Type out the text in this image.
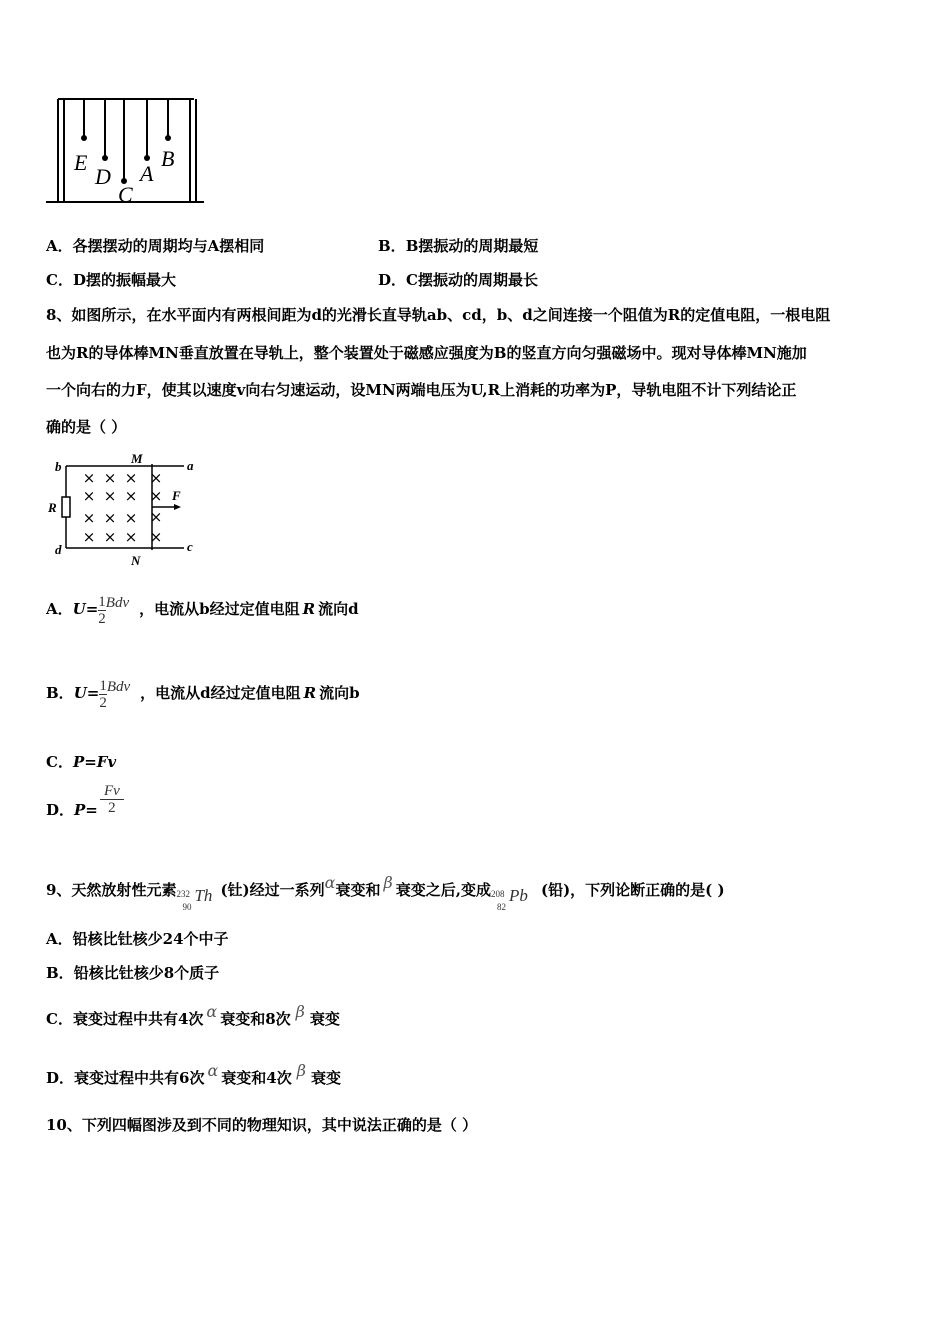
E
D
C
A
B
A．各摆摆动的周期均与A摆相同	B．B摆振动的周期最短
C．D摆的振幅最大	D．C摆振动的周期最长
8、如图所示，在水平面内有两根间距为d的光滑长直导轨ab、cd，b、d之间连接一个阻值为R的定值电阻，一根电阻
也为R的导体棒MN垂直放置在导轨上，整个装置处于磁感应强度为B的竖直方向匀强磁场中。现对导体棒MN施加
一个向右的力F，使其以速度v向右匀速运动，设MN两端电压为U,R上消耗的功率为P，导轨电阻不计下列结论正
确的是（ ）
× × × ×
× × × ×
× × × ×
× × × ×
b	a
M
N
R
d	c
F
A．$U= \frac{1}{2}$ Bdv ，电流从b经过定值电阻 R 流向d
B．$U= \frac{1}{2}$ Bdv ，电流从d经过定值电阻 R 流向b
C．P=Fv
D．$P= \frac{Fv}{2}$
9、天然放射性元素 232
90
Th (钍)经过一系列α衰变和 β 衰变之后,变成 208
82
Pb (铅)，下列论断正确的是( )
A．铅核比钍核少24个中子
B．铅核比钍核少8个质子
C．衰变过程中共有4次 α 衰变和8次 β 衰变
D．衰变过程中共有6次 α 衰变和4次 β 衰变
10、下列四幅图涉及到不同的物理知识，其中说法正确的是（ ）
